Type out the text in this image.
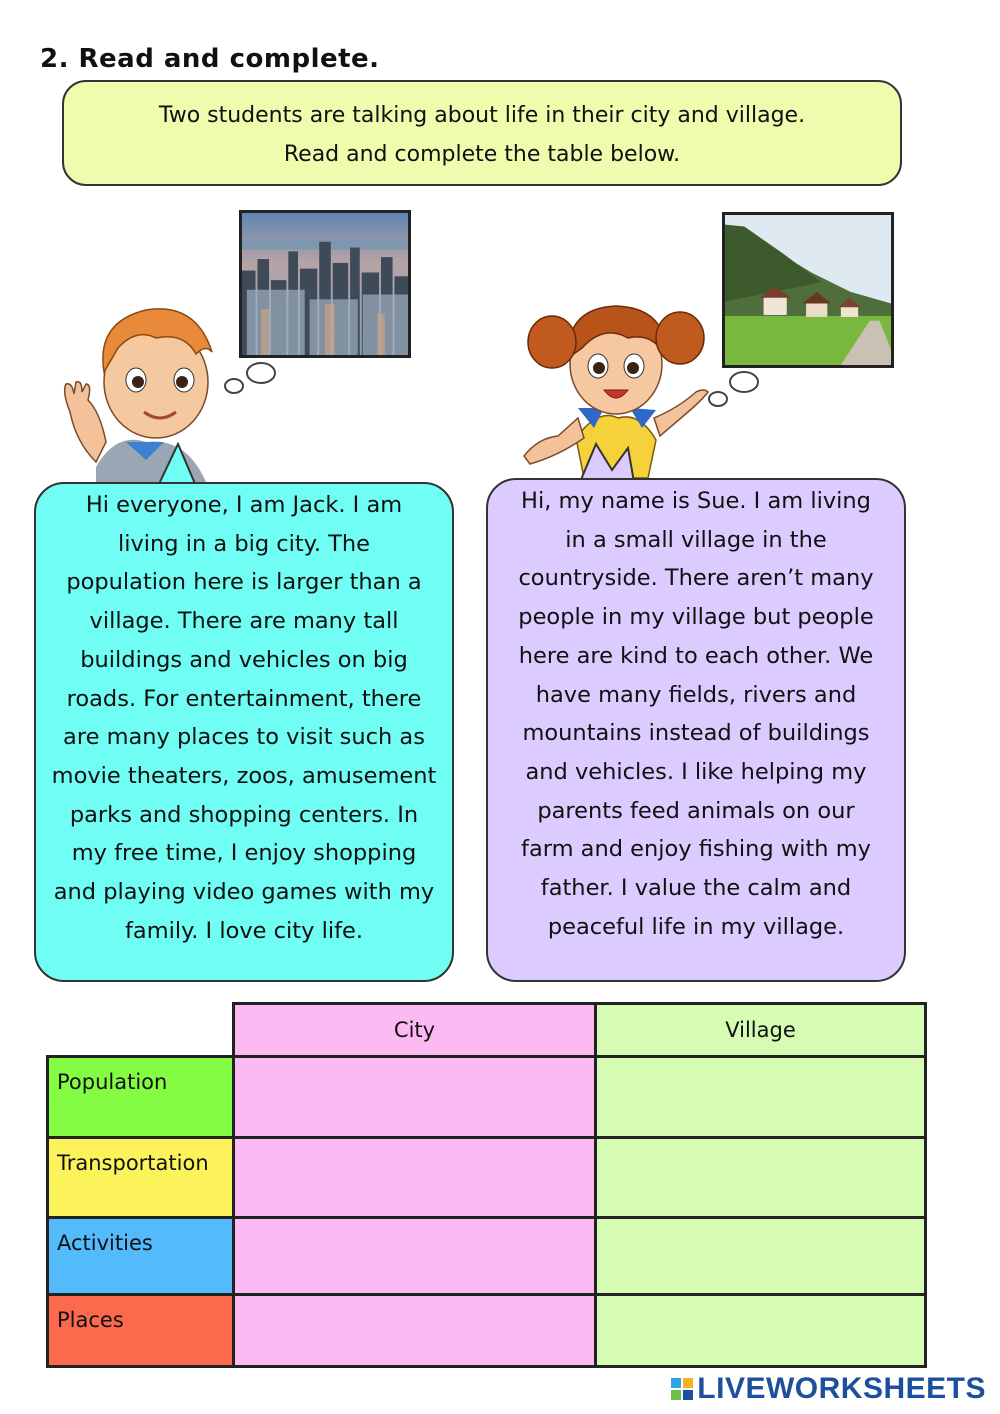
2. Read and complete.
Two students are talking about life in their city and village.
Read and complete the table below.
Hi everyone, I am Jack. I am
living in a big city. The
population here is larger than a
village. There are many tall
buildings and vehicles on big
roads. For entertainment, there
are many places to visit such as
movie theaters, zoos, amusement
parks and shopping centers. In
my free time, I enjoy shopping
and playing video games with my
family. I love city life.
Hi, my name is Sue. I am living
in a small village in the
countryside. There aren’t many
people in my village but people
here are kind to each other. We
have many fields, rivers and
mountains instead of buildings
and vehicles. I like helping my
parents feed animals on our
farm and enjoy fishing with my
father. I value the calm and
peaceful life in my village.
	City	Village
Population		
Transportation		
Activities		
Places		
LIVEWORKSHEETS
